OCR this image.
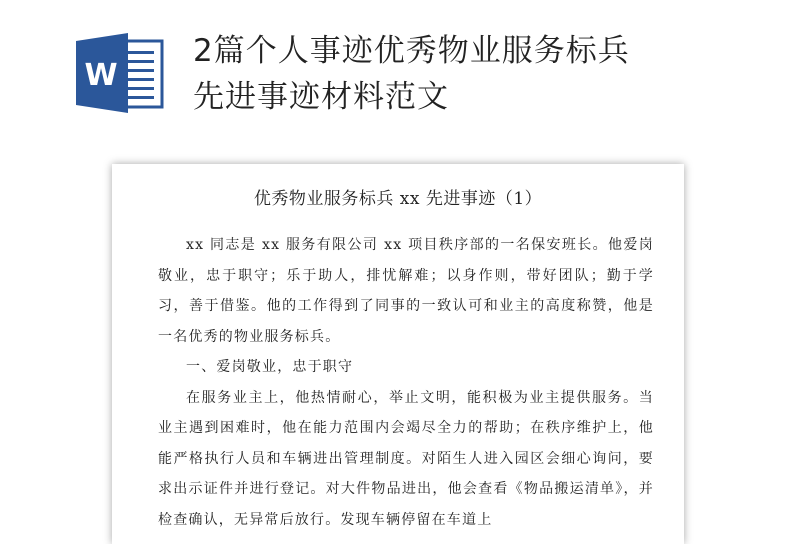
W
2篇个人事迹优秀物业服务标兵
先进事迹材料范文
优秀物业服务标兵 xx 先进事迹（1）

xx 同志是 xx 服务有限公司 xx 项目秩序部的一名保安班长。他爱岗敬业，忠于职守；乐于助人，排忧解难；以身作则，带好团队；勤于学习，善于借鉴。他的工作得到了同事的一致认可和业主的高度称赞，他是一名优秀的物业服务标兵。

一、爱岗敬业，忠于职守

在服务业主上，他热情耐心，举止文明，能积极为业主提供服务。当业主遇到困难时，他在能力范围内会竭尽全力的帮助；在秩序维护上，他能严格执行人员和车辆进出管理制度。对陌生人进入园区会细心询问，要求出示证件并进行登记。对大件物品进出，他会查看《物品搬运清单》，并检查确认，无异常后放行。发现车辆停留在车道上
